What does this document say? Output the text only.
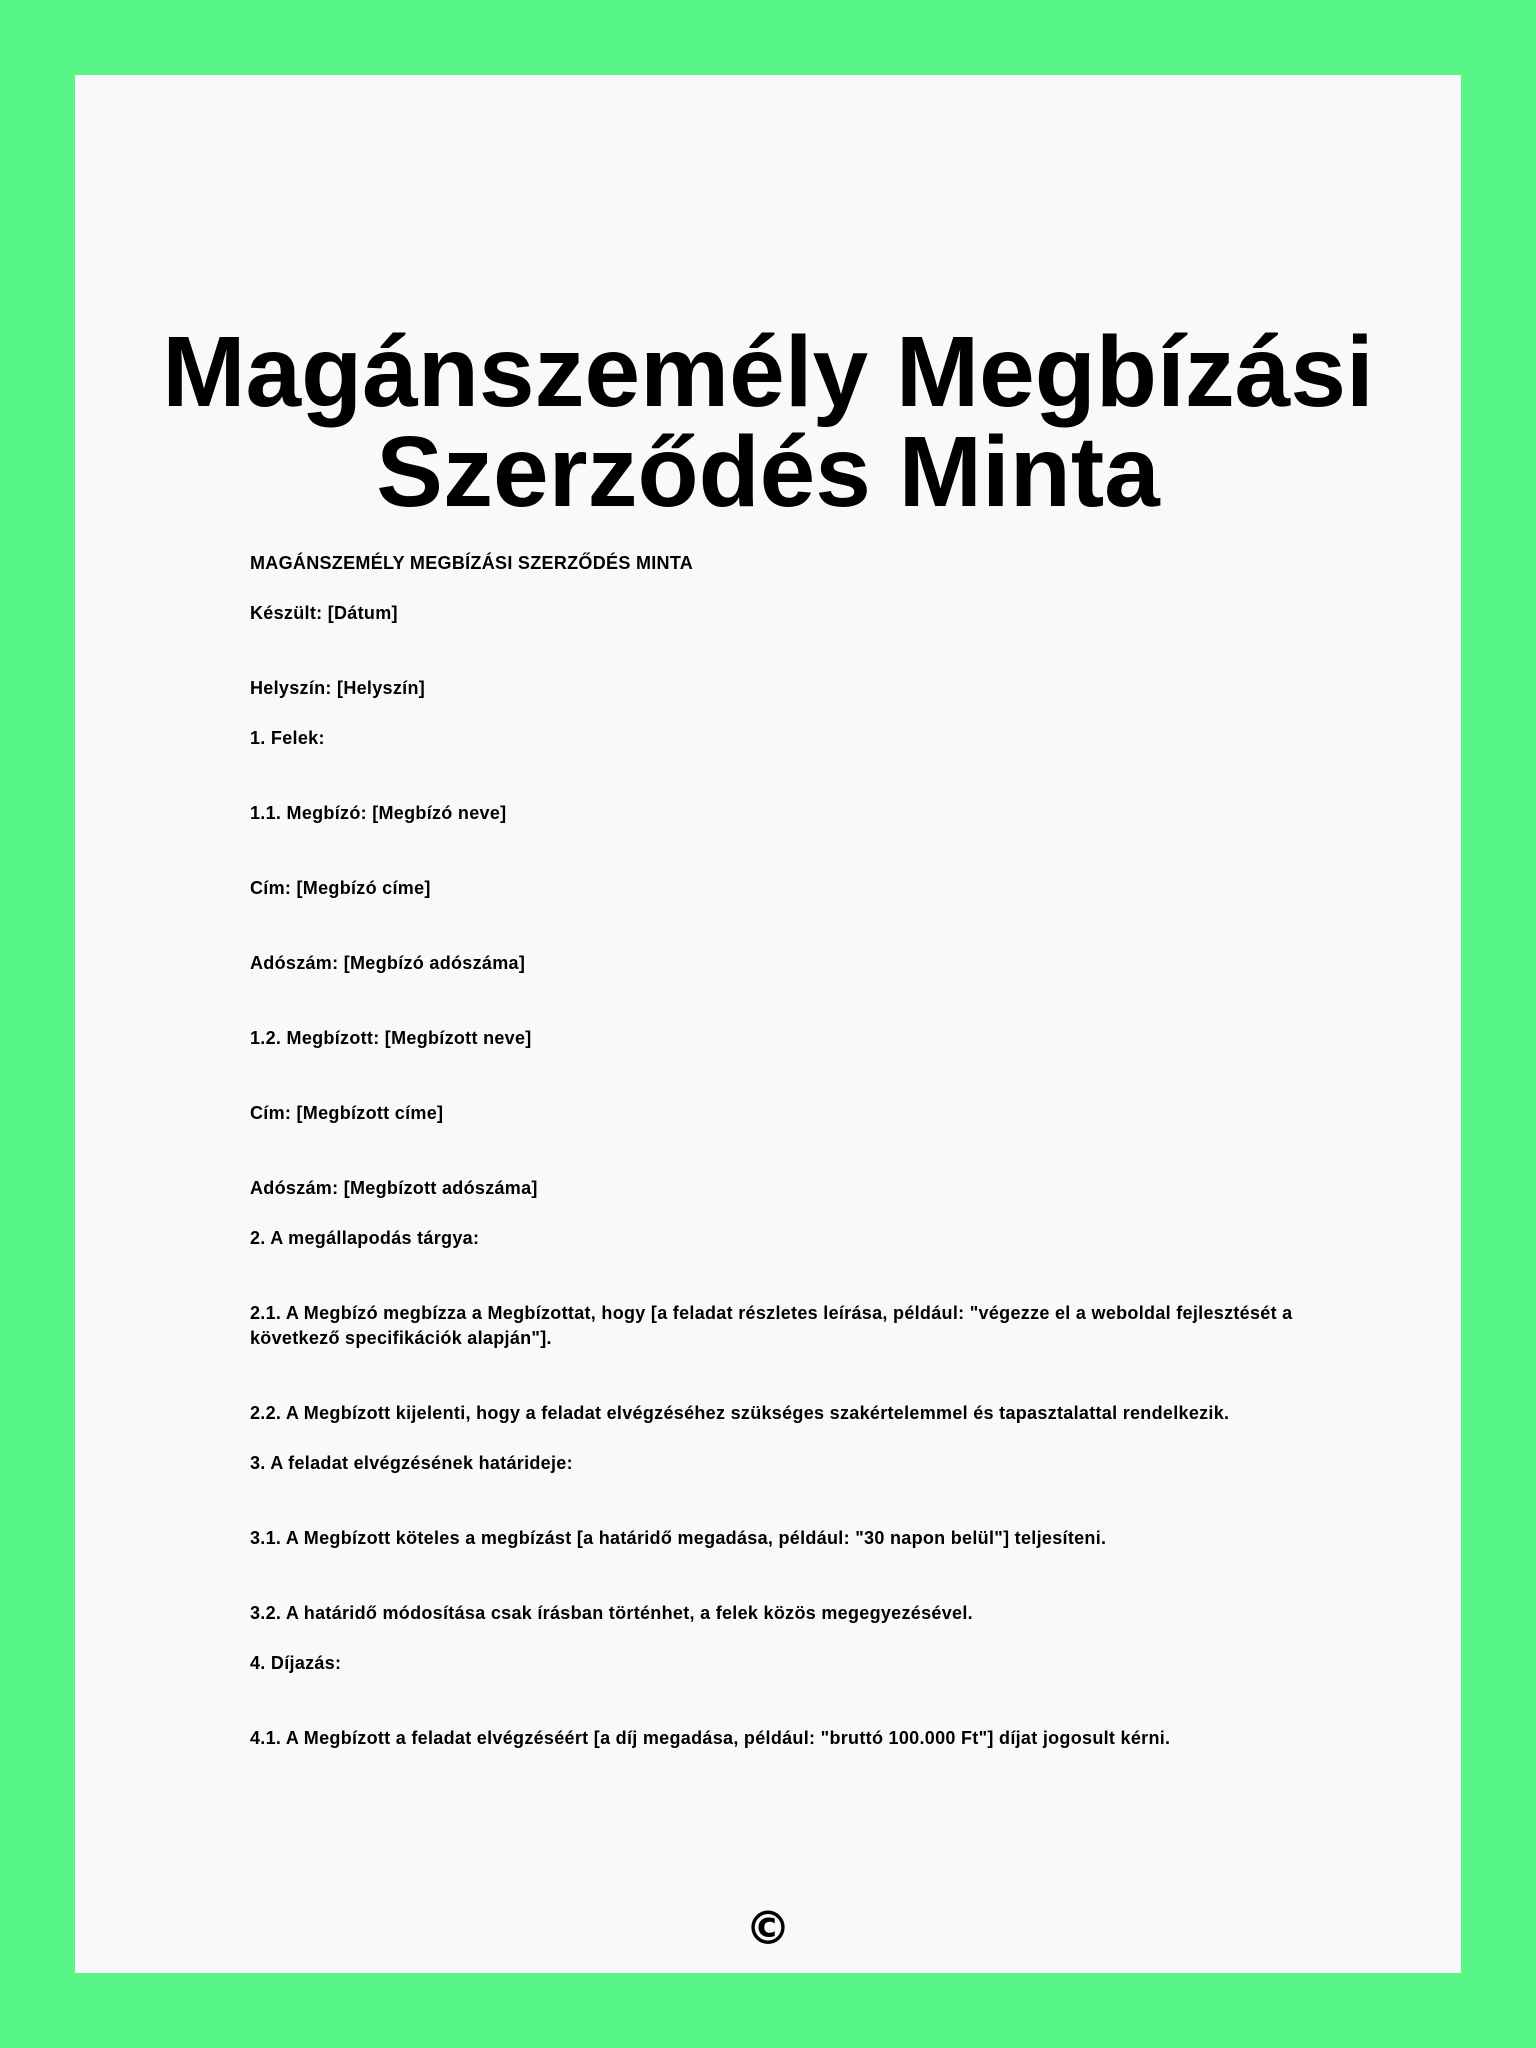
Magánszemély Megbízási
Szerződés Minta

MAGÁNSZEMÉLY MEGBÍZÁSI SZERZŐDÉS MINTA

Készült: [Dátum]

Helyszín: [Helyszín]

1. Felek:

1.1. Megbízó: [Megbízó neve]

Cím: [Megbízó címe]

Adószám: [Megbízó adószáma]

1.2. Megbízott: [Megbízott neve]

Cím: [Megbízott címe]

Adószám: [Megbízott adószáma]

2. A megállapodás tárgya:

2.1. A Megbízó megbízza a Megbízottat, hogy [a feladat részletes leírása, például: "végezze el a weboldal fejlesztését a következő specifikációk alapján"].

2.2. A Megbízott kijelenti, hogy a feladat elvégzéséhez szükséges szakértelemmel és tapasztalattal rendelkezik.

3. A feladat elvégzésének határideje:

3.1. A Megbízott köteles a megbízást [a határidő megadása, például: "30 napon belül"] teljesíteni.

3.2. A határidő módosítása csak írásban történhet, a felek közös megegyezésével.

4. Díjazás:

4.1. A Megbízott a feladat elvégzéséért [a díj megadása, például: "bruttó 100.000 Ft"] díjat jogosult kérni.

©
